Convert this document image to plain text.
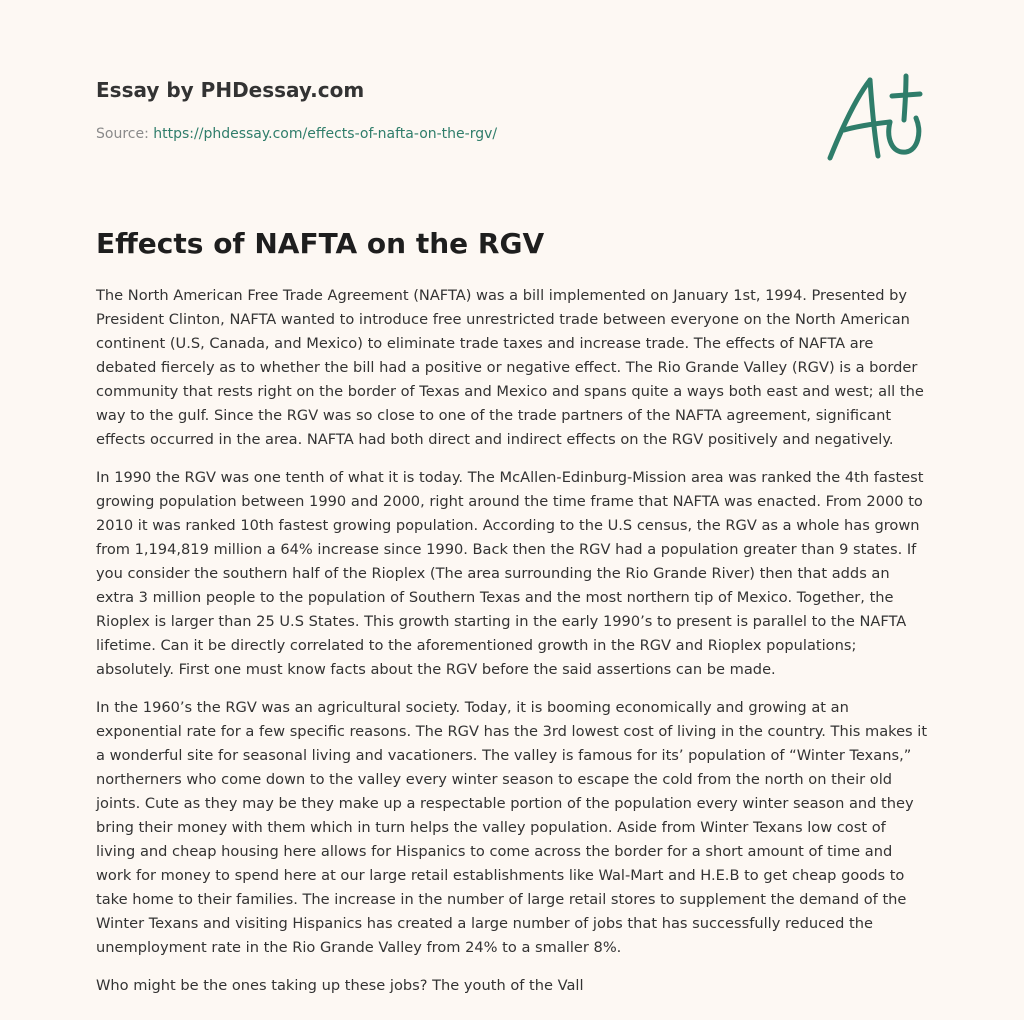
Essay by PHDessay.com
Source: https://phdessay.com/effects-of-nafta-on-the-rgv/
Effects of NAFTA on the RGV

The North American Free Trade Agreement (NAFTA) was a bill implemented on January 1st, 1994. Presented by President Clinton, NAFTA wanted to introduce free unrestricted trade between everyone on the North American continent (U.S, Canada, and Mexico) to eliminate trade taxes and increase trade. The effects of NAFTA are debated fiercely as to whether the bill had a positive or negative effect. The Rio Grande Valley (RGV) is a border community that rests right on the border of Texas and Mexico and spans quite a ways both east and west; all the way to the gulf. Since the RGV was so close to one of the trade partners of the NAFTA agreement, significant effects occurred in the area. NAFTA had both direct and indirect effects on the RGV positively and negatively.

In 1990 the RGV was one tenth of what it is today. The McAllen-Edinburg-Mission area was ranked the 4th fastest growing population between 1990 and 2000, right around the time frame that NAFTA was enacted. From 2000 to 2010 it was ranked 10th fastest growing population. According to the U.S census, the RGV as a whole has grown from 1,194,819 million a 64% increase since 1990. Back then the RGV had a population greater than 9 states. If you consider the southern half of the Rioplex (The area surrounding the Rio Grande River) then that adds an extra 3 million people to the population of Southern Texas and the most northern tip of Mexico. Together, the Rioplex is larger than 25 U.S States. This growth starting in the early 1990’s to present is parallel to the NAFTA lifetime. Can it be directly correlated to the aforementioned growth in the RGV and Rioplex populations; absolutely. First one must know facts about the RGV before the said assertions can be made.

In the 1960’s the RGV was an agricultural society. Today, it is booming economically and growing at an exponential rate for a few specific reasons. The RGV has the 3rd lowest cost of living in the country. This makes it a wonderful site for seasonal living and vacationers. The valley is famous for its’ population of “Winter Texans,” northerners who come down to the valley every winter season to escape the cold from the north on their old joints. Cute as they may be they make up a respectable portion of the population every winter season and they bring their money with them which in turn helps the valley population. Aside from Winter Texans low cost of living and cheap housing here allows for Hispanics to come across the border for a short amount of time and work for money to spend here at our large retail establishments like Wal-Mart and H.E.B to get cheap goods to take home to their families. The increase in the number of large retail stores to supplement the demand of the Winter Texans and visiting Hispanics has created a large number of jobs that has successfully reduced the unemployment rate in the Rio Grande Valley from 24% to a smaller 8%.

Who might be the ones taking up these jobs? The youth of the Vall
